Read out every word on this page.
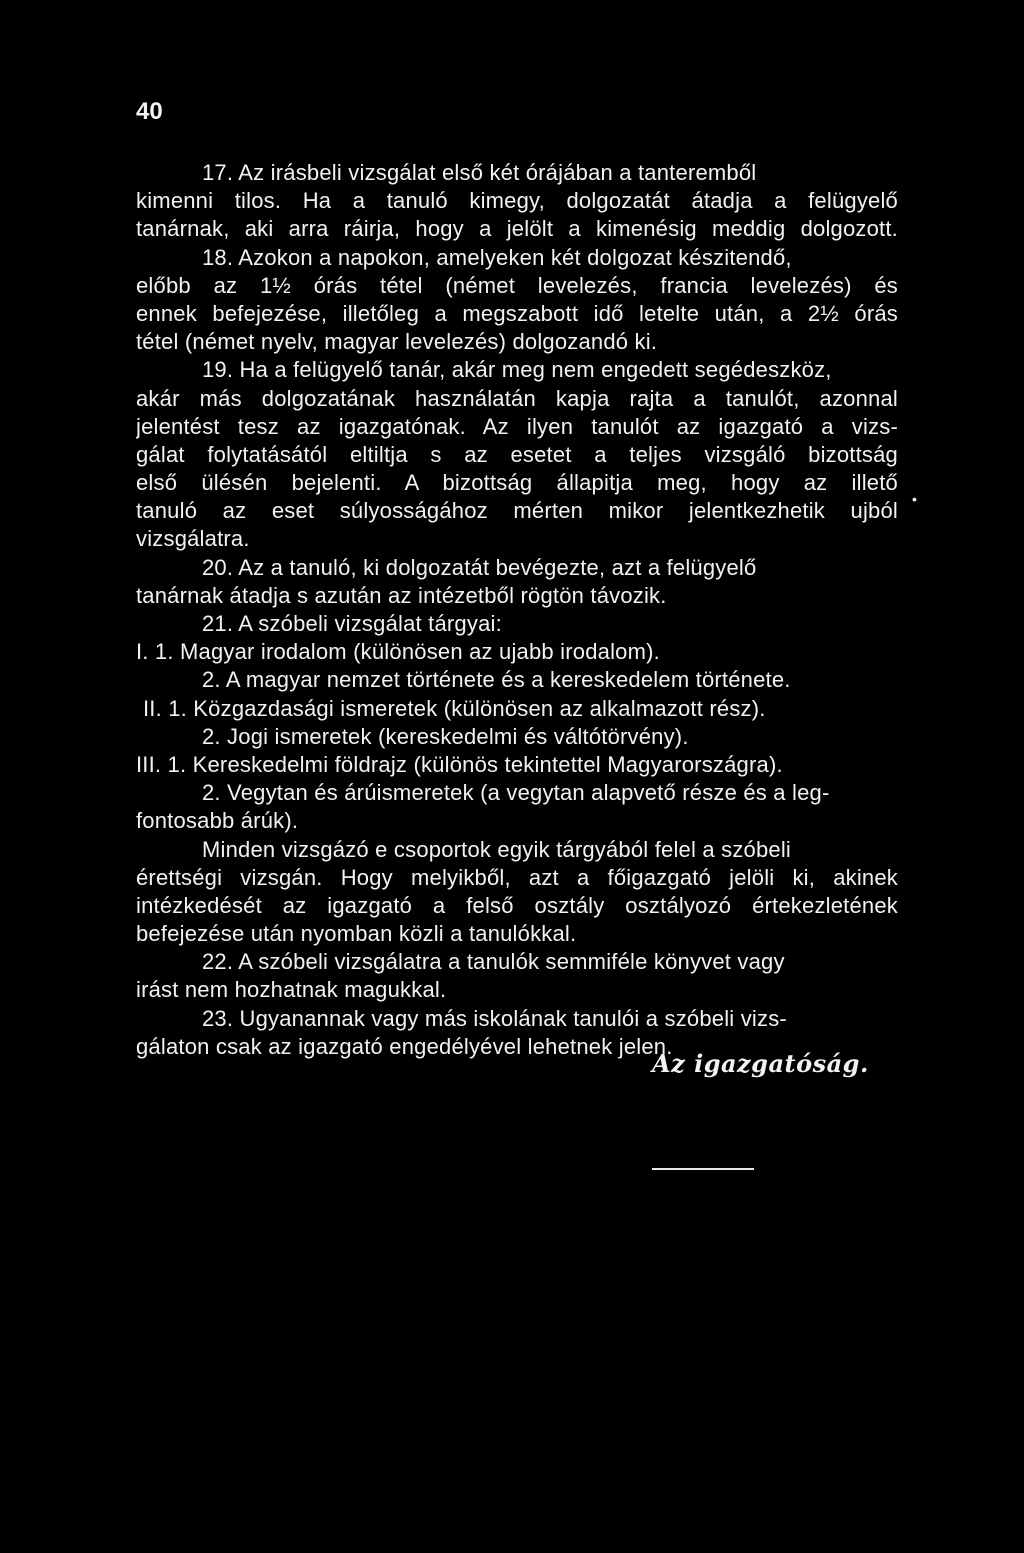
40
17. Az irásbeli vizsgálat első két órájában a tanteremből
kimenni tilos. Ha a tanuló kimegy, dolgozatát átadja a felügyelő
tanárnak, aki arra ráirja, hogy a jelölt a kimenésig meddig dolgozott.
18. Azokon a napokon, amelyeken két dolgozat készitendő,
előbb az 1½ órás tétel (német levelezés, francia levelezés) és
ennek befejezése, illetőleg a megszabott idő letelte után, a 2½ órás
tétel (német nyelv, magyar levelezés) dolgozandó ki.
19. Ha a felügyelő tanár, akár meg nem engedett segédeszköz,
akár más dolgozatának használatán kapja rajta a tanulót, azonnal
jelentést tesz az igazgatónak. Az ilyen tanulót az igazgató a vizs-
gálat folytatásától eltiltja s az esetet a teljes vizsgáló bizottság
első ülésén bejelenti. A bizottság állapitja meg, hogy az illető
tanuló az eset súlyosságához mérten mikor jelentkezhetik ujból
vizsgálatra.
20. Az a tanuló, ki dolgozatát bevégezte, azt a felügyelő
tanárnak átadja s azután az intézetből rögtön távozik.
21. A szóbeli vizsgálat tárgyai:
I. 1. Magyar irodalom (különösen az ujabb irodalom).
2. A magyar nemzet története és a kereskedelem története.
II. 1. Közgazdasági ismeretek (különösen az alkalmazott rész).
2. Jogi ismeretek (kereskedelmi és váltótörvény).
III. 1. Kereskedelmi földrajz (különös tekintettel Magyarországra).
2. Vegytan és árúismeretek (a vegytan alapvető része és a leg-
fontosabb árúk).
Minden vizsgázó e csoportok egyik tárgyából felel a szóbeli
érettségi vizsgán. Hogy melyikből, azt a főigazgató jelöli ki, akinek
intézkedését az igazgató a felső osztály osztályozó értekezletének
befejezése után nyomban közli a tanulókkal.
22. A szóbeli vizsgálatra a tanulók semmiféle könyvet vagy
irást nem hozhatnak magukkal.
23. Ugyanannak vagy más iskolának tanulói a szóbeli vizs-
gálaton csak az igazgató engedélyével lehetnek jelen.
•
Az igazgatóság.
